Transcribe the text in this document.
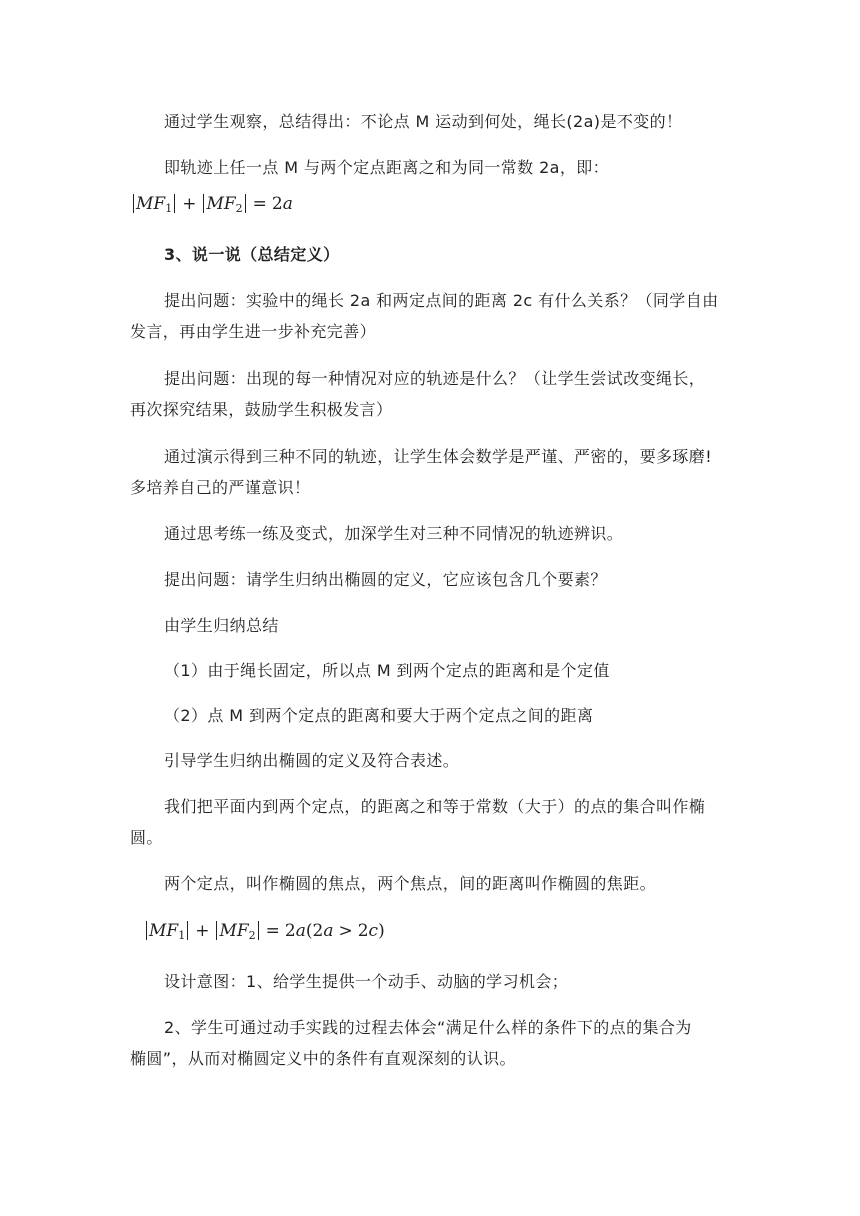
通过学生观察，总结得出：不论点 M 运动到何处，绳长(2a)是不变的！
即轨迹上任一点 M 与两个定点距离之和为同一常数 2a，即：
$MF_1 + MF_2 = 2a$
3、说一说（总结定义）
提出问题：实验中的绳长 2a 和两定点间的距离 2c 有什么关系？（同学自由
发言，再由学生进一步补充完善）
提出问题：出现的每一种情况对应的轨迹是什么？（让学生尝试改变绳长，
再次探究结果，鼓励学生积极发言）
通过演示得到三种不同的轨迹，让学生体会数学是严谨、严密的，要多琢磨!
多培养自己的严谨意识！
通过思考练一练及变式，加深学生对三种不同情况的轨迹辨识。
提出问题：请学生归纳出椭圆的定义，它应该包含几个要素？
由学生归纳总结
（1）由于绳长固定，所以点 M 到两个定点的距离和是个定值
（2）点 M 到两个定点的距离和要大于两个定点之间的距离
引导学生归纳出椭圆的定义及符合表述。
我们把平面内到两个定点，的距离之和等于常数（大于）的点的集合叫作椭
圆。
两个定点，叫作椭圆的焦点，两个焦点，间的距离叫作椭圆的焦距。
$MF_1 + MF_2 = 2a(2a > 2c)$
设计意图：1、给学生提供一个动手、动脑的学习机会；
2、学生可通过动手实践的过程去体会“满足什么样的条件下的点的集合为
椭圆”，从而对椭圆定义中的条件有直观深刻的认识。
